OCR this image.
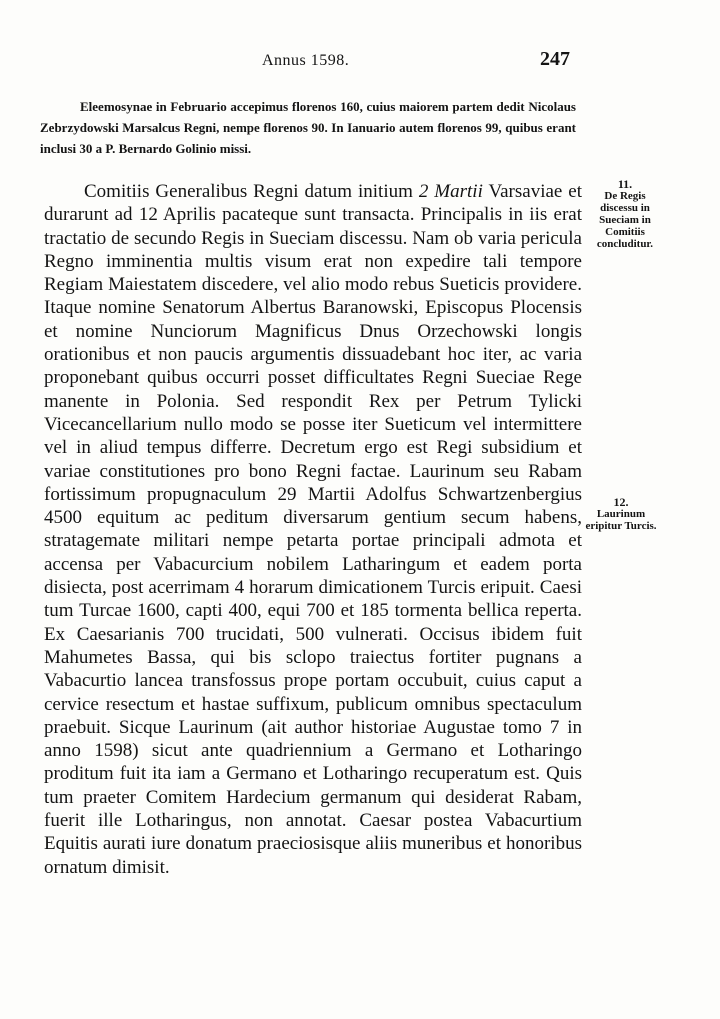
Annus 1598.	247
Eleemosynae in Februario accepimus florenos 160, cuius maiorem partem dedit Nicolaus Zebrzydowski Marsalcus Regni, nempe florenos 90. In Ianuario autem florenos 99, quibus erant inclusi 30 a P. Bernardo Golinio missi.
Comitiis Generalibus Regni datum initium 2 Martii Varsaviae et durarunt ad 12 Aprilis pacateque sunt transacta. Principalis in iis erat tractatio de secundo Regis in Sueciam discessu. Nam ob varia pericula Regno imminentia multis visum erat non expedire tali tempore Regiam Maiestatem discedere, vel alio modo rebus Sueticis providere. Itaque nomine Senatorum Albertus Baranowski, Episcopus Plocensis et nomine Nunciorum Magnificus Dnus Orzechowski longis orationibus et non paucis argumentis dissuadebant hoc iter, ac varia proponebant quibus occurri posset difficultates Regni Sueciae Rege manente in Polonia. Sed respondit Rex per Petrum Tylicki Vicecancellarium nullo modo se posse iter Sueticum vel intermittere vel in aliud tempus differre. Decretum ergo est Regi subsidium et variae constitutiones pro bono Regni factae. Laurinum seu Rabam fortissimum propugnaculum 29 Martii Adolfus Schwartzenbergius 4500 equitum ac peditum diversarum gentium secum habens, stratagemate militari nempe petarta portae principali admota et accensa per Vabacurcium nobilem Latharingum et eadem porta disiecta, post acerrimam 4 horarum dimicationem Turcis eripuit. Caesi tum Turcae 1600, capti 400, equi 700 et 185 tormenta bellica reperta. Ex Caesarianis 700 trucidati, 500 vulnerati. Occisus ibidem fuit Mahumetes Bassa, qui bis sclopo traiectus fortiter pugnans a Vabacurtio lancea transfossus prope portam occubuit, cuius caput a cervice resectum et hastae suffixum, publicum omnibus spectaculum praebuit. Sicque Laurinum (ait author historiae Augustae tomo 7 in anno 1598) sicut ante quadriennium a Germano et Lotharingo proditum fuit ita iam a Germano et Lotharingo recuperatum est. Quis tum praeter Comitem Hardecium germanum qui desiderat Rabam, fuerit ille Lotharingus, non annotat. Caesar postea Vabacurtium Equitis aurati iure donatum praeciosisque aliis muneribus et honoribus ornatum dimisit.
11.
De Regis discessu in Sueciam in Comitiis concluditur.
12.
Laurinum eripitur Turcis.
